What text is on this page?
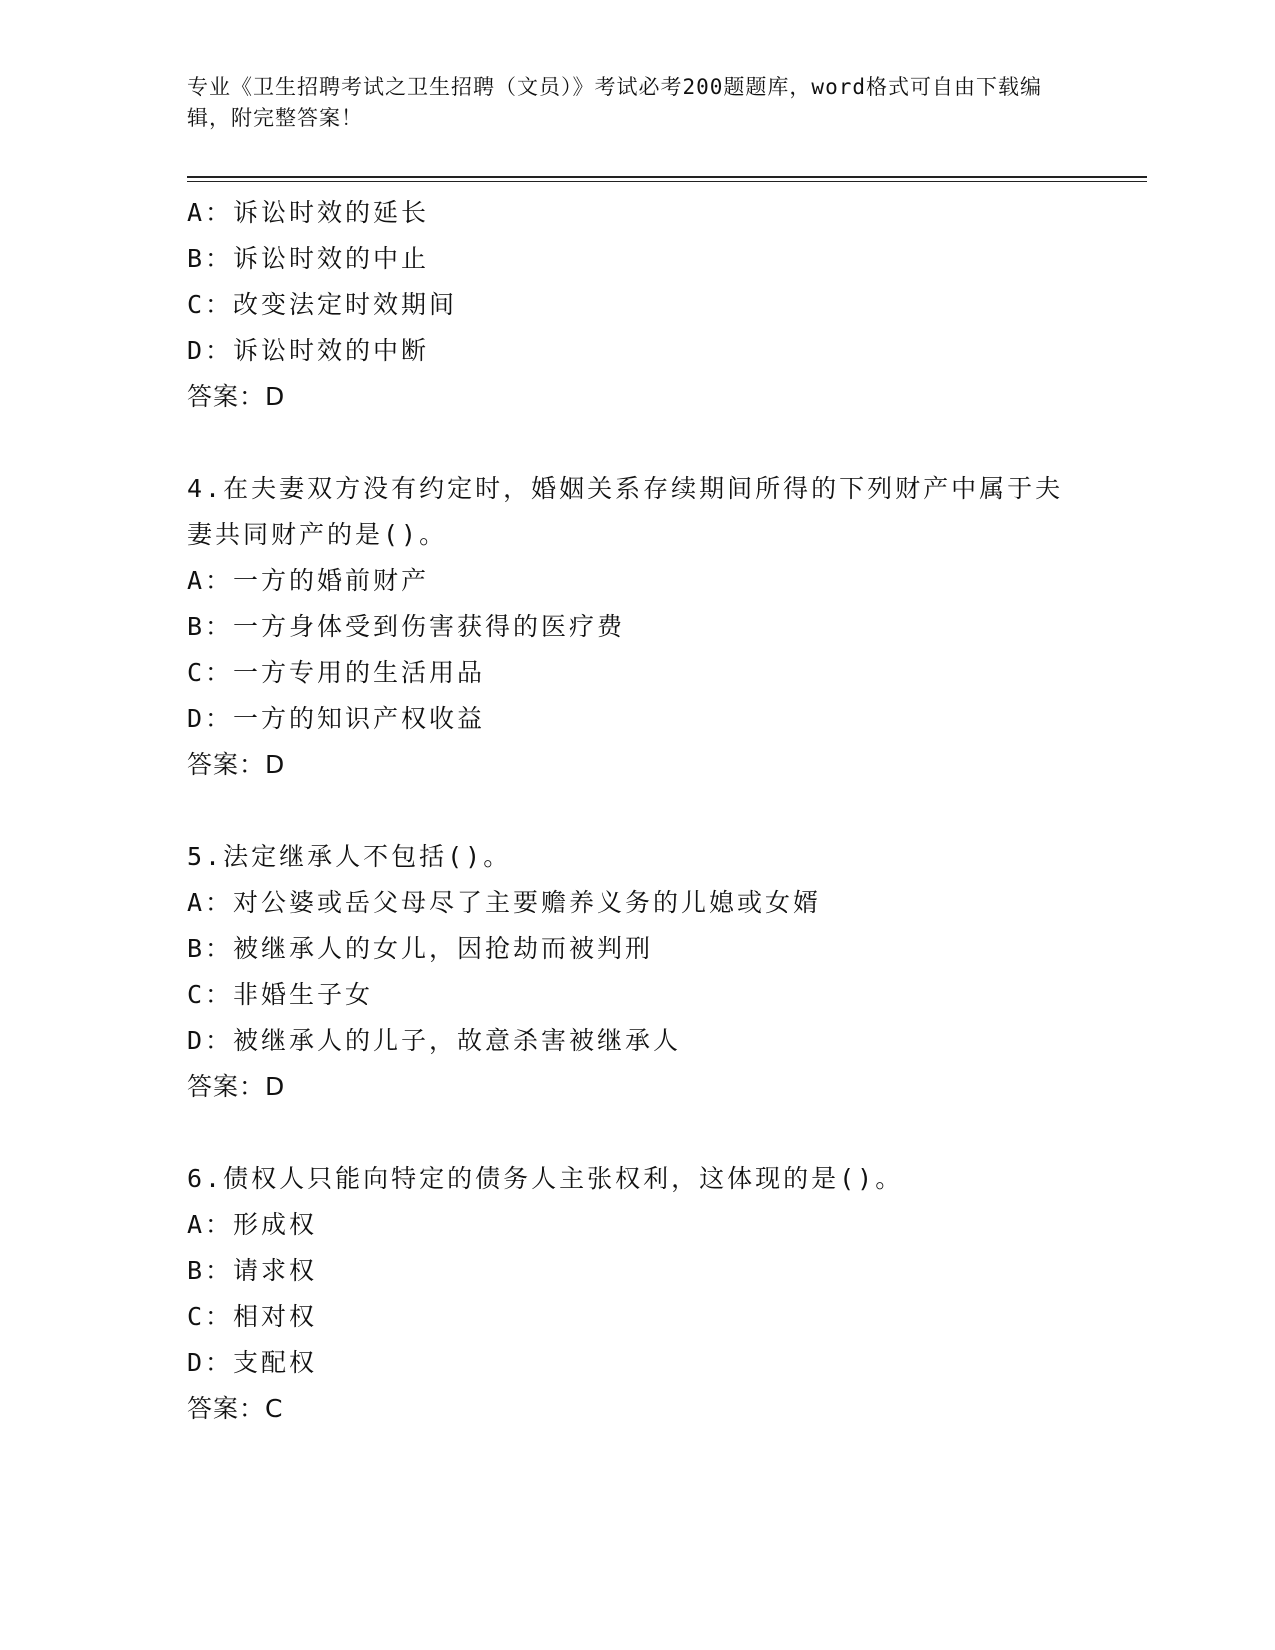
专业《卫生招聘考试之卫生招聘（文员）》考试必考200题题库，word格式可自由下载编辑，附完整答案！
A：诉讼时效的延长
B：诉讼时效的中止
C：改变法定时效期间
D：诉讼时效的中断
答案：D
4.在夫妻双方没有约定时，婚姻关系存续期间所得的下列财产中属于夫妻共同财产的是()。
A：一方的婚前财产
B：一方身体受到伤害获得的医疗费
C：一方专用的生活用品
D：一方的知识产权收益
答案：D
5.法定继承人不包括()。
A：对公婆或岳父母尽了主要赡养义务的儿媳或女婿
B：被继承人的女儿，因抢劫而被判刑
C：非婚生子女
D：被继承人的儿子，故意杀害被继承人
答案：D
6.债权人只能向特定的债务人主张权利，这体现的是()。
A：形成权
B：请求权
C：相对权
D：支配权
答案：C
